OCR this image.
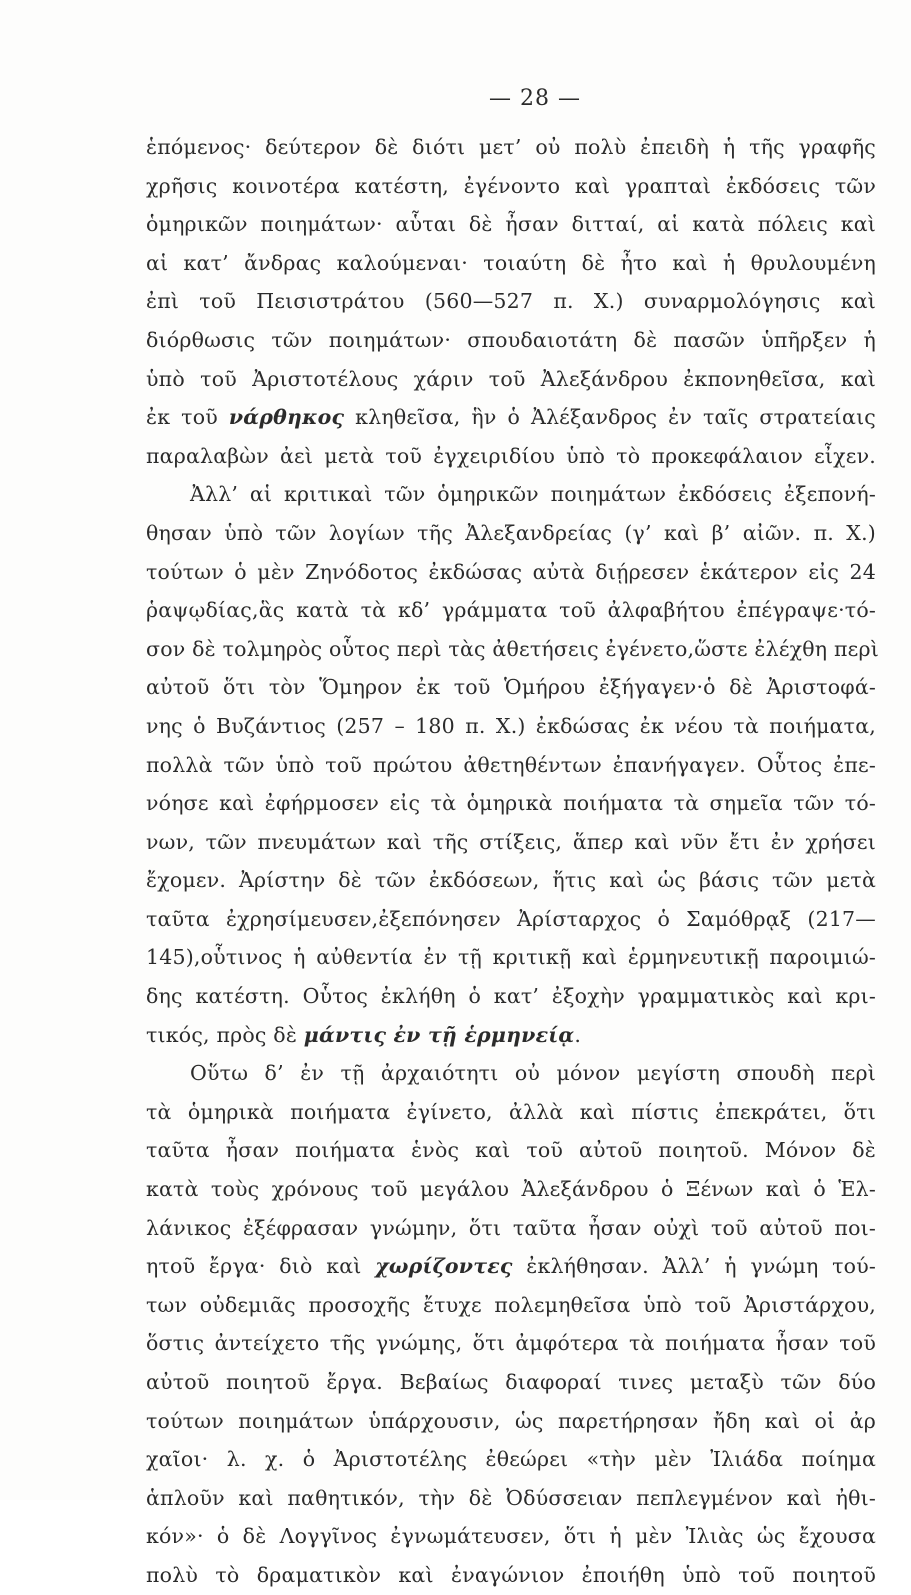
— 28 —
ἑπόμενος· δεύτερον δὲ διότι μετ’ οὐ πολὺ ἐπειδὴ ἡ τῆς γραφῆς
χρῆσις κοινοτέρα κατέστη, ἐγένοντο καὶ γραπταὶ ἐκδόσεις τῶν
ὁμηρικῶν ποιημάτων· αὗται δὲ ἦσαν διτταί, αἱ κατὰ πόλεις καὶ
αἱ κατ’ ἄνδρας καλούμεναι· τοιαύτη δὲ ἦτο καὶ ἡ θρυλουμένη
ἐπὶ τοῦ Πεισιστράτου (560—527 π. Χ.) συναρμολόγησις καὶ
διόρθωσις τῶν ποιημάτων· σπουδαιοτάτη δὲ πασῶν ὑπῆρξεν ἡ
ὑπὸ τοῦ Ἀριστοτέλους χάριν τοῦ Ἀλεξάνδρου ἐκπονηθεῖσα, καὶ
ἐκ τοῦ νάρθηκος κληθεῖσα, ἣν ὁ Ἀλέξανδρος ἐν ταῖς στρατείαις
παραλαβὼν ἀεὶ μετὰ τοῦ ἐγχειριδίου ὑπὸ τὸ προκεφάλαιον εἶχεν.
Ἀλλ’ αἱ κριτικαὶ τῶν ὁμηρικῶν ποιημάτων ἐκδόσεις ἐξεπονή-
θησαν ὑπὸ τῶν λογίων τῆς Ἀλεξανδρείας (γ’ καὶ β’ αἰῶν. π. Χ.)
τούτων ὁ μὲν Ζηνόδοτος ἐκδώσας αὐτὰ διῄρεσεν ἑκάτερον εἰς 24
ῥαψῳδίας,ἃς κατὰ τὰ κδ’ γράμματα τοῦ ἀλφαβήτου ἐπέγραψε·τό-
σον δὲ τολμηρὸς οὗτος περὶ τὰς ἀθετήσεις ἐγένετο,ὥστε ἐλέχθη περὶ
αὐτοῦ ὅτι τὸν Ὅμηρον ἐκ τοῦ Ὁμήρου ἐξήγαγεν·ὁ δὲ Ἀριστοφά-
νης ὁ Βυζάντιος (257 – 180 π. Χ.) ἐκδώσας ἐκ νέου τὰ ποιήματα,
πολλὰ τῶν ὑπὸ τοῦ πρώτου ἀθετηθέντων ἐπανήγαγεν. Οὗτος ἐπε-
νόησε καὶ ἐφήρμοσεν εἰς τὰ ὁμηρικὰ ποιήματα τὰ σημεῖα τῶν τό-
νων, τῶν πνευμάτων καὶ τῆς στίξεις, ἅπερ καὶ νῦν ἔτι ἐν χρήσει
ἔχομεν. Ἀρίστην δὲ τῶν ἐκδόσεων, ἥτις καὶ ὡς βάσις τῶν μετὰ
ταῦτα ἐχρησίμευσεν,ἐξεπόνησεν Ἀρίσταρχος ὁ Σαμόθρᾳξ (217—
145),οὗτινος ἡ αὐθεντία ἐν τῇ κριτικῇ καὶ ἑρμηνευτικῇ παροιμιώ-
δης κατέστη. Οὗτος ἐκλήθη ὁ κατ’ ἐξοχὴν γραμματικὸς καὶ κρι-
τικός, πρὸς δὲ μάντις ἐν τῇ ἑρμηνείᾳ.
Οὕτω δ’ ἐν τῇ ἀρχαιότητι οὐ μόνον μεγίστη σπουδὴ περὶ
τὰ ὁμηρικὰ ποιήματα ἐγίνετο, ἀλλὰ καὶ πίστις ἐπεκράτει, ὅτι
ταῦτα ἦσαν ποιήματα ἑνὸς καὶ τοῦ αὐτοῦ ποιητοῦ. Μόνον δὲ
κατὰ τοὺς χρόνους τοῦ μεγάλου Ἀλεξάνδρου ὁ Ξένων καὶ ὁ Ἑλ-
λάνικος ἐξέφρασαν γνώμην, ὅτι ταῦτα ἦσαν οὐχὶ τοῦ αὐτοῦ ποι-
ητοῦ ἔργα· διὸ καὶ χωρίζοντες ἐκλήθησαν. Ἀλλ’ ἡ γνώμη τού-
των οὐδεμιᾶς προσοχῆς ἔτυχε πολεμηθεῖσα ὑπὸ τοῦ Ἀριστάρχου,
ὅστις ἀντείχετο τῆς γνώμης, ὅτι ἀμφότερα τὰ ποιήματα ἦσαν τοῦ
αὐτοῦ ποιητοῦ ἔργα. Βεβαίως διαφοραί τινες μεταξὺ τῶν δύο
τούτων ποιημάτων ὑπάρχουσιν, ὡς παρετήρησαν ἤδη καὶ οἱ ἀρ
χαῖοι· λ. χ. ὁ Ἀριστοτέλης ἐθεώρει «τὴν μὲν Ἰλιάδα ποίημα
ἁπλοῦν καὶ παθητικόν, τὴν δὲ Ὀδύσσειαν πεπλεγμένον καὶ ἠθι-
κόν»· ὁ δὲ Λογγῖνος ἐγνωμάτευσεν, ὅτι ἡ μὲν Ἰλιὰς ὡς ἔχουσα
πολὺ τὸ δραματικὸν καὶ ἐναγώνιον ἐποιήθη ὑπὸ τοῦ ποιητοῦ
